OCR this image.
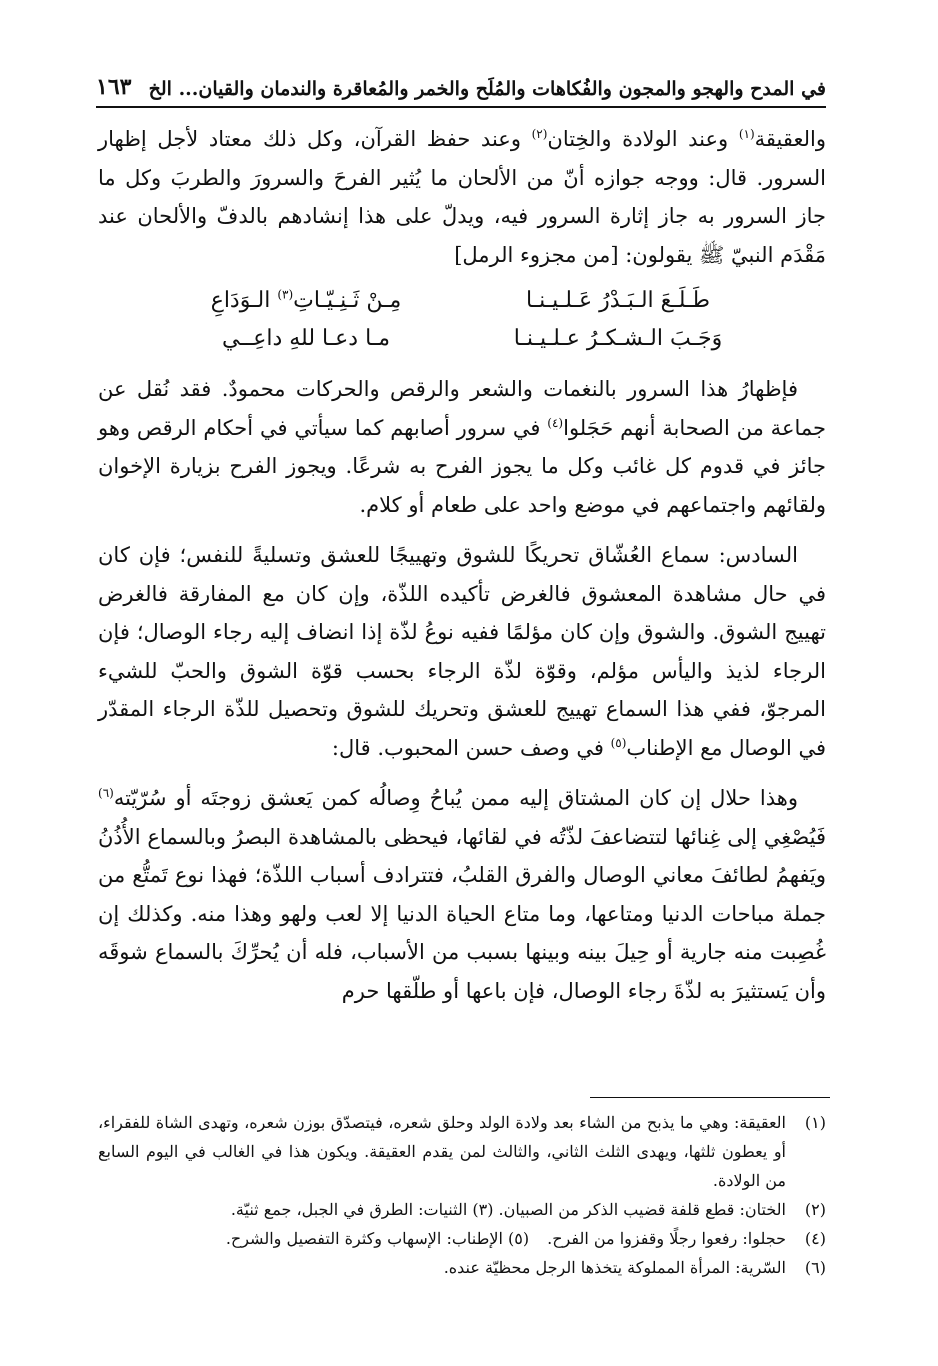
في المدح والهجو والمجون والفُكاهات والمُلَح والخمر والمُعاقرة والندمان والقيان... الخ
١٦٣

والعقيقة$^{(١)}$ وعند الولادة والخِتان$^{(٢)}$ وعند حفظ القرآن، وكل ذلك معتاد لأجل إظهار السرور. قال: ووجه جوازه أنّ من الألحان ما يُثير الفرحَ والسرورَ والطربَ وكل ما جاز السرور به جاز إثارة السرور فيه، ويدلّ على هذا إنشادهم بالدفّ والألحان عند مَقْدَم النبيّ ﷺ يقولون: [من مجزوء الرمل]

طَـلَـعَ الـبَـدْرُ عَـلـيـنـا
مِـنْ ثَـنِـيّـاتِ$^{(٣)}$ الـوَدَاعِ
وَجَـبَ الـشـكـرُ عـلـيـنـا
مـا دعـا للهِ داعِــي

فإظهارُ هذا السرور بالنغمات والشعر والرقص والحركات محمودٌ. فقد نُقل عن جماعة من الصحابة أنهم حَجَلوا$^{(٤)}$ في سرور أصابهم كما سيأتي في أحكام الرقص وهو جائز في قدوم كل غائب وكل ما يجوز الفرح به شرعًا. ويجوز الفرح بزيارة الإخوان ولقائهم واجتماعهم في موضع واحد على طعام أو كلام.

السادس: سماع العُشّاق تحريكًا للشوق وتهييجًا للعشق وتسليةً للنفس؛ فإن كان في حال مشاهدة المعشوق فالغرض تأكيده اللذّة، وإن كان مع المفارقة فالغرض تهييج الشوق. والشوق وإن كان مؤلمًا ففيه نوعُ لذّة إذا انضاف إليه رجاء الوصال؛ فإن الرجاء لذيذ واليأس مؤلم، وقوّة لذّة الرجاء بحسب قوّة الشوق والحبّ للشيء المرجوّ، ففي هذا السماع تهييج للعشق وتحريك للشوق وتحصيل للذّة الرجاء المقدّر في الوصال مع الإطناب$^{(٥)}$ في وصف حسن المحبوب. قال:

وهذا حلال إن كان المشتاق إليه ممن يُباحُ وِصالُه كمن يَعشق زوجتَه أو سُرّيّته$^{(٦)}$ فَيُصْغِي إلى غِنائها لتتضاعفَ لذّتُه في لقائها، فيحظى بالمشاهدة البصرُ وبالسماع الأُذُنُ ويَفهمُ لطائفَ معاني الوصال والفرق القلبُ، فتترادف أسباب اللذّة؛ فهذا نوع تَمتُّع من جملة مباحات الدنيا ومتاعها، وما متاع الحياة الدنيا إلا لعب ولهو وهذا منه. وكذلك إن غُصِبت منه جارية أو حِيلَ بينه وبينها بسبب من الأسباب، فله أن يُحرِّكَ بالسماع شوقَه وأن يَستثيرَ به لذّةَ رجاء الوصال، فإن باعها أو طلّقها حرم

(١)
العقيقة: وهي ما يذبح من الشاء بعد ولادة الولد وحلق شعره، فيتصدّق بوزن شعره، وتهدى الشاة للفقراء، أو يعطون ثلثها، ويهدى الثلث الثاني، والثالث لمن يقدم العقيقة. ويكون هذا في الغالب في اليوم السابع من الولادة.

(٢)
الختان: قطع قلفة قضيب الذكر من الصبيان. (٣) الثنيات: الطرق في الجبل، جمع ثنيّة.

(٤)
حجلوا: رفعوا رجلًا وقفزوا من الفرح.(٥) الإطناب: الإسهاب وكثرة التفصيل والشرح.

(٦)
السّرية: المرأة المملوكة يتخذها الرجل محظيّة عنده.
